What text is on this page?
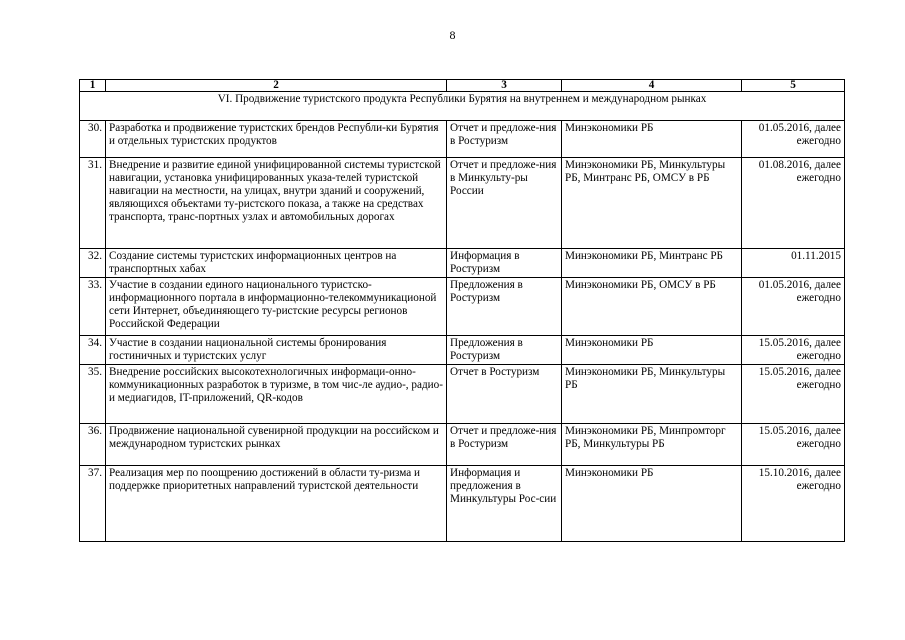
8
1	2	3	4	5
VI. Продвижение туристского продукта Республики Бурятия на внутреннем и международном рынках				
30.	Разработка и продвижение туристских брендов Республи-ки Бурятия и отдельных туристских продуктов	Отчет и предложе-ния в Ростуризм	Минэкономики РБ	01.05.2016, далее ежегодно
31.	Внедрение и развитие единой унифицированной системы туристской навигации, установка унифицированных указа-телей туристской навигации на местности, на улицах, внутри зданий и сооружений, являющихся объектами ту-ристского показа, а также на средствах транспорта, транс-портных узлах и автомобильных дорогах	Отчет и предложе-ния в Минкульту-ры России	Минэкономики РБ, Минкультуры РБ, Минтранс РБ, ОМСУ в РБ	01.08.2016, далее ежегодно
32.	Создание системы туристских информационных центров на транспортных хабах	Информация в Ростуризм	Минэкономики РБ, Минтранс РБ	01.11.2015
33.	Участие в создании единого национального туристско-информационного портала в информационно-телекоммуникационой сети Интернет, объединяющего ту-ристские ресурсы регионов Российской Федерации	Предложения в Ростуризм	Минэкономики РБ, ОМСУ в РБ	01.05.2016, далее ежегодно
34.	Участие в создании национальной системы бронирования гостиничных и туристских услуг	Предложения в Ростуризм	Минэкономики РБ	15.05.2016, далее ежегодно
35.	Внедрение российских высокотехнологичных информаци-онно-коммуникационных разработок в туризме, в том чис-ле аудио-, радио- и медиагидов, IT-приложений, QR-кодов	Отчет в Ростуризм	Минэкономики РБ, Минкультуры РБ	15.05.2016, далее ежегодно
36.	Продвижение национальной сувенирной продукции на российском и международном туристских рынках	Отчет и предложе-ния в Ростуризм	Минэкономики РБ, Минпромторг РБ, Минкультуры РБ	15.05.2016, далее ежегодно
37.	Реализация мер по поощрению достижений в области ту-ризма и поддержке приоритетных направлений туристской деятельности	Информация и предложения в Минкультуры Рос-сии	Минэкономики РБ	15.10.2016, далее ежегодно
